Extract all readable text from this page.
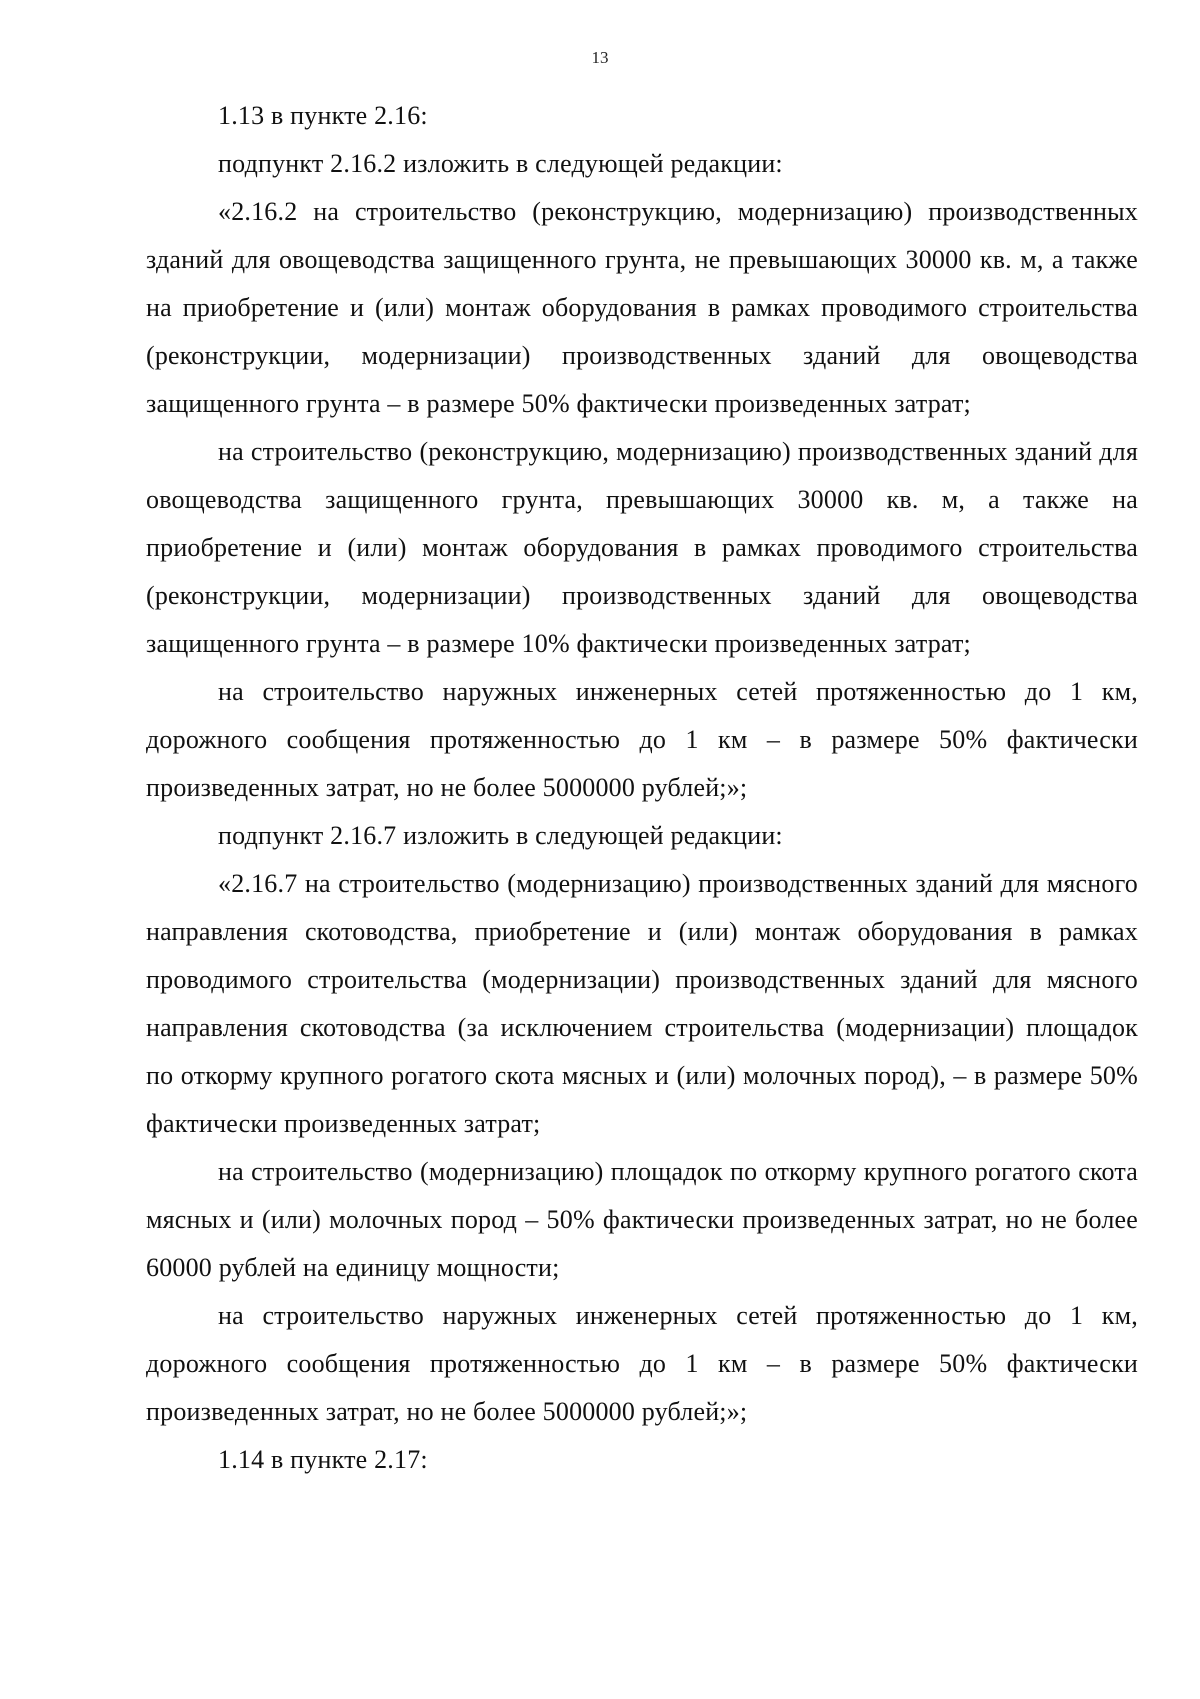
13

1.13 в пункте 2.16:

подпункт 2.16.2 изложить в следующей редакции:

«2.16.2 на строительство (реконструкцию, модернизацию) производственных зданий для овощеводства защищенного грунта, не превышающих 30000 кв. м, а также на приобретение и (или) монтаж оборудования в рамках проводимого строительства (реконструкции, модернизации) производственных зданий для овощеводства защищенного грунта – в размере 50% фактически произведенных затрат;

на строительство (реконструкцию, модернизацию) производственных зданий для овощеводства защищенного грунта, превышающих 30000 кв. м, а также на приобретение и (или) монтаж оборудования в рамках проводимого строительства (реконструкции, модернизации) производственных зданий для овощеводства защищенного грунта – в размере 10% фактически произведенных затрат;

на строительство наружных инженерных сетей протяженностью до 1 км, дорожного сообщения протяженностью до 1 км – в размере 50% фактически произведенных затрат, но не более 5000000 рублей;»;

подпункт 2.16.7 изложить в следующей редакции:

«2.16.7 на строительство (модернизацию) производственных зданий для мясного направления скотоводства, приобретение и (или) монтаж оборудования в рамках проводимого строительства (модернизации) производственных зданий для мясного направления скотоводства (за исключением строительства (модернизации) площадок по откорму крупного рогатого скота мясных и (или) молочных пород), – в размере 50% фактически произведенных затрат;

на строительство (модернизацию) площадок по откорму крупного рогатого скота мясных и (или) молочных пород – 50% фактически произведенных затрат, но не более 60000 рублей на единицу мощности;

на строительство наружных инженерных сетей протяженностью до 1 км, дорожного сообщения протяженностью до 1 км – в размере 50% фактически произведенных затрат, но не более 5000000 рублей;»;

1.14 в пункте 2.17:
